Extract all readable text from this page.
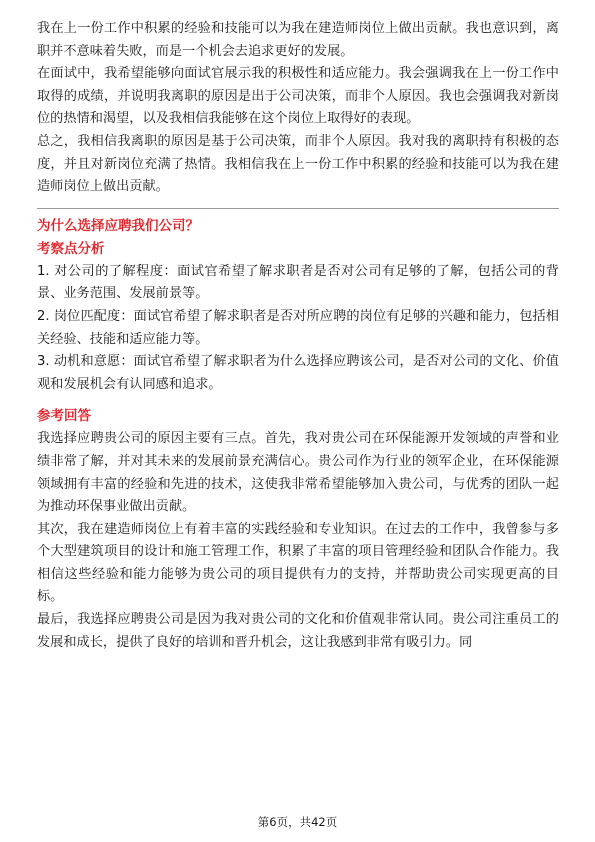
我在上一份工作中积累的经验和技能可以为我在建造师岗位上做出贡献。我也意识到，离职并不意味着失败，而是一个机会去追求更好的发展。

在面试中，我希望能够向面试官展示我的积极性和适应能力。我会强调我在上一份工作中取得的成绩，并说明我离职的原因是出于公司决策，而非个人原因。我也会强调我对新岗位的热情和渴望，以及我相信我能够在这个岗位上取得好的表现。

总之，我相信我离职的原因是基于公司决策，而非个人原因。我对我的离职持有积极的态度，并且对新岗位充满了热情。我相信我在上一份工作中积累的经验和技能可以为我在建造师岗位上做出贡献。

为什么选择应聘我们公司？
考察点分析

1. 对公司的了解程度：面试官希望了解求职者是否对公司有足够的了解，包括公司的背景、业务范围、发展前景等。

2. 岗位匹配度：面试官希望了解求职者是否对所应聘的岗位有足够的兴趣和能力，包括相关经验、技能和适应能力等。

3. 动机和意愿：面试官希望了解求职者为什么选择应聘该公司，是否对公司的文化、价值观和发展机会有认同感和追求。

参考回答

我选择应聘贵公司的原因主要有三点。首先，我对贵公司在环保能源开发领域的声誉和业绩非常了解，并对其未来的发展前景充满信心。贵公司作为行业的领军企业，在环保能源领域拥有丰富的经验和先进的技术，这使我非常希望能够加入贵公司，与优秀的团队一起为推动环保事业做出贡献。

其次，我在建造师岗位上有着丰富的实践经验和专业知识。在过去的工作中，我曾参与多个大型建筑项目的设计和施工管理工作，积累了丰富的项目管理经验和团队合作能力。我相信这些经验和能力能够为贵公司的项目提供有力的支持，并帮助贵公司实现更高的目标。

最后，我选择应聘贵公司是因为我对贵公司的文化和价值观非常认同。贵公司注重员工的发展和成长，提供了良好的培训和晋升机会，这让我感到非常有吸引力。同

第6页，共42页
